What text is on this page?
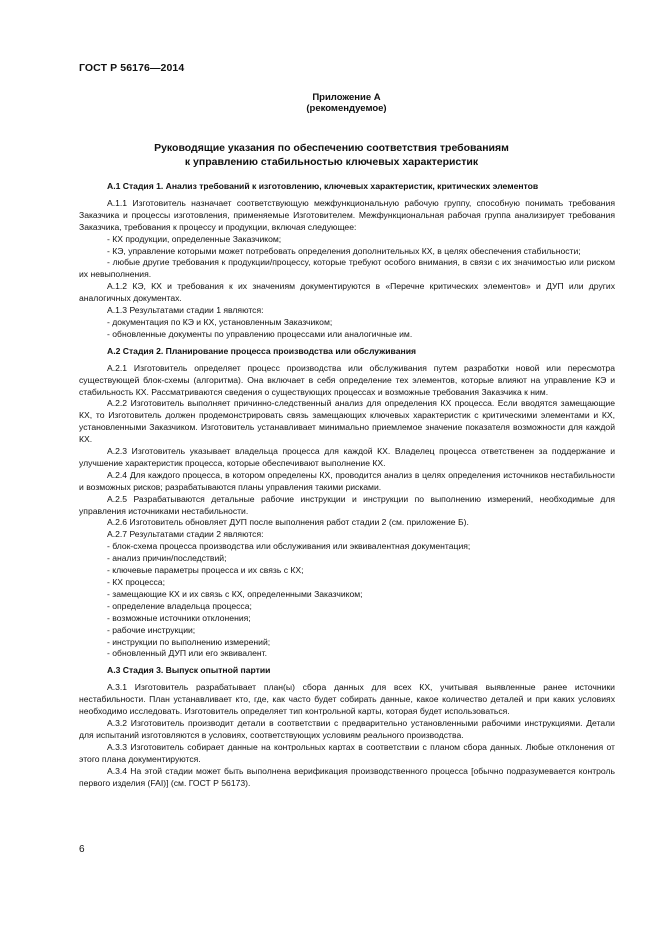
ГОСТ Р 56176—2014
Приложение А
(рекомендуемое)
Руководящие указания по обеспечению соответствия требованиям
к управлению стабильностью ключевых характеристик

А.1 Стадия 1. Анализ требований к изготовлению, ключевых характеристик, критических элементов

А.1.1 Изготовитель назначает соответствующую межфункциональную рабочую группу, способную понимать требования Заказчика и процессы изготовления, применяемые Изготовителем. Межфункциональная рабочая группа анализирует требования Заказчика, требования к процессу и продукции, включая следующее:

- КХ продукции, определенные Заказчиком;

- КЭ, управление которыми может потребовать определения дополнительных КХ, в целях обеспечения стабильности;

- любые другие требования к продукции/процессу, которые требуют особого внимания, в связи с их значимостью или риском их невыполнения.

А.1.2 КЭ, КХ и требования к их значениям документируются в «Перечне критических элементов» и ДУП или других аналогичных документах.

А.1.3 Результатами стадии 1 являются:

- документация по КЭ и КХ, установленным Заказчиком;

- обновленные документы по управлению процессами или аналогичные им.

А.2 Стадия 2. Планирование процесса производства или обслуживания

А.2.1 Изготовитель определяет процесс производства или обслуживания путем разработки новой или пересмотра существующей блок-схемы (алгоритма). Она включает в себя определение тех элементов, которые влияют на управление КЭ и стабильность КХ. Рассматриваются сведения о существующих процессах и возможные требования Заказчика к ним.

А.2.2 Изготовитель выполняет причинно-следственный анализ для определения КХ процесса. Если вводятся замещающие КХ, то Изготовитель должен продемонстрировать связь замещающих ключевых характеристик с критическими элементами и КХ, установленными Заказчиком. Изготовитель устанавливает минимально приемлемое значение показателя возможности для каждой КХ.

А.2.3 Изготовитель указывает владельца процесса для каждой КХ. Владелец процесса ответственен за поддержание и улучшение характеристик процесса, которые обеспечивают выполнение КХ.

А.2.4 Для каждого процесса, в котором определены КХ, проводится анализ в целях определения источников нестабильности и возможных рисков; разрабатываются планы управления такими рисками.

А.2.5 Разрабатываются детальные рабочие инструкции и инструкции по выполнению измерений, необходимые для управления источниками нестабильности.

А.2.6 Изготовитель обновляет ДУП после выполнения работ стадии 2 (см. приложение Б).

А.2.7 Результатами стадии 2 являются:

- блок-схема процесса производства или обслуживания или эквивалентная документация;

- анализ причин/последствий;

- ключевые параметры процесса и их связь с КХ;

- КХ процесса;

- замещающие КХ и их связь с КХ, определенными Заказчиком;

- определение владельца процесса;

- возможные источники отклонения;

- рабочие инструкции;

- инструкции по выполнению измерений;

- обновленный ДУП или его эквивалент.

А.3 Стадия 3. Выпуск опытной партии

А.3.1 Изготовитель разрабатывает план(ы) сбора данных для всех КХ, учитывая выявленные ранее источники нестабильности. План устанавливает кто, где, как часто будет собирать данные, какое количество деталей и при каких условиях необходимо исследовать. Изготовитель определяет тип контрольной карты, которая будет использоваться.

А.3.2 Изготовитель производит детали в соответствии с предварительно установленными рабочими инструкциями. Детали для испытаний изготовляются в условиях, соответствующих условиям реального производства.

А.3.3 Изготовитель собирает данные на контрольных картах в соответствии с планом сбора данных. Любые отклонения от этого плана документируются.

А.3.4 На этой стадии может быть выполнена верификация производственного процесса [обычно подразумевается контроль первого изделия (FAI)] (см. ГОСТ Р 56173).

6
